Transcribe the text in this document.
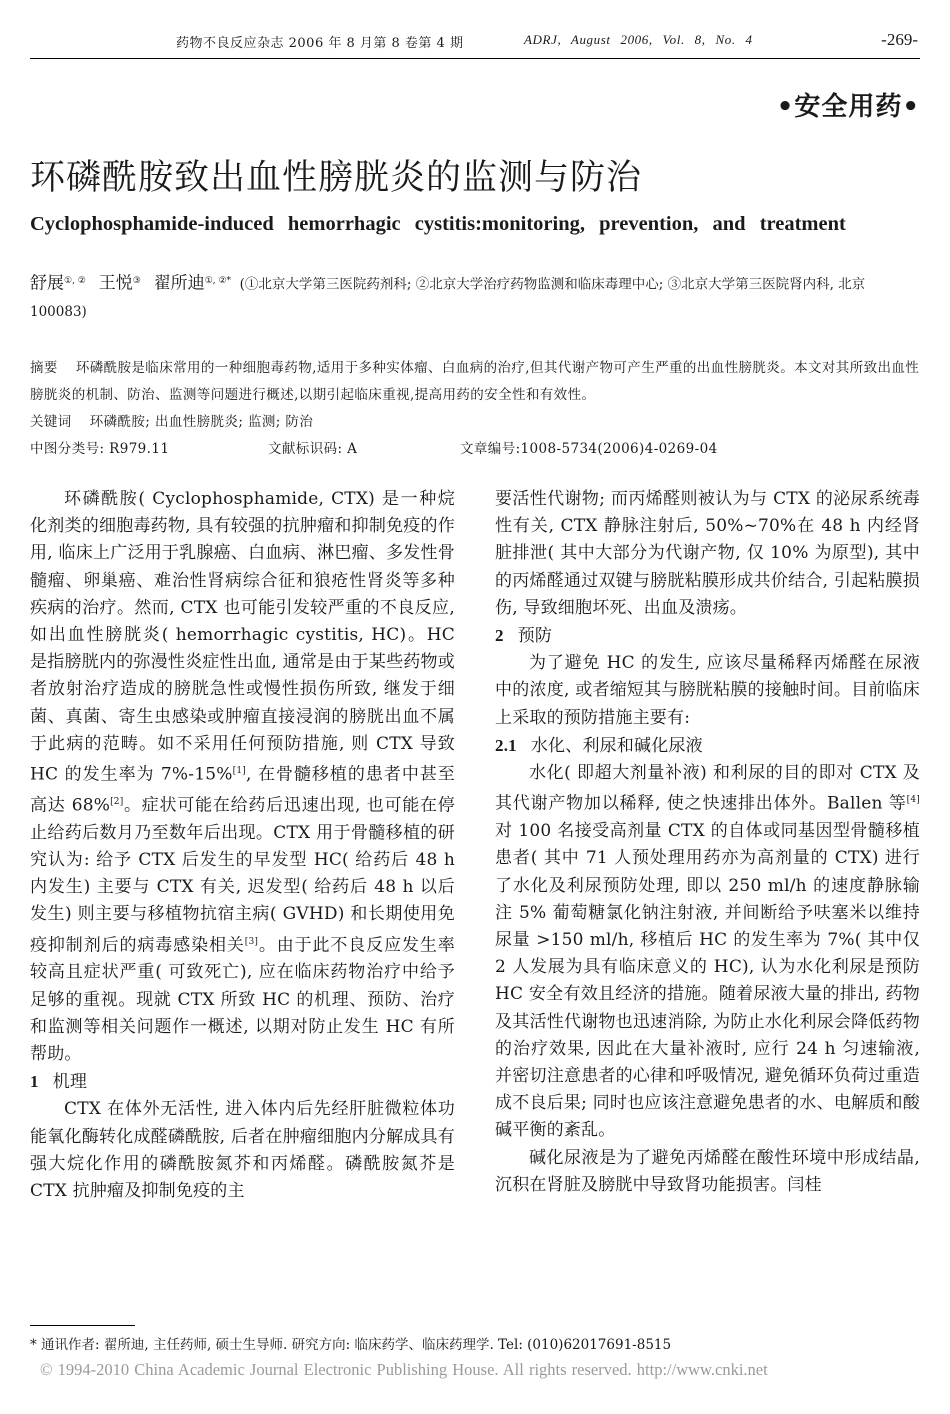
药物不良反应杂志 2006 年 8 月第 8 卷第 4 期	ADRJ, August 2006, Vol. 8, No. 4	-269-
•安全用药•
环磷酰胺致出血性膀胱炎的监测与防治
Cyclophosphamide-induced hemorrhagic cystitis:monitoring, prevention, and treatment
舒展①, ② 王悦③ 翟所迪①, ②* (①北京大学第三医院药剂科; ②北京大学治疗药物监测和临床毒理中心; ③北京大学第三医院肾内科, 北京 100083)
摘要 环磷酰胺是临床常用的一种细胞毒药物,适用于多种实体瘤、白血病的治疗,但其代谢产物可产生严重的出血性膀胱炎。本文对其所致出血性膀胱炎的机制、防治、监测等问题进行概述,以期引起临床重视,提高用药的安全性和有效性。
关键词 环磷酰胺; 出血性膀胱炎; 监测; 防治
中图分类号: R979.11	文献标识码: A	文章编号:1008-5734(2006)4-0269-04

环磷酰胺( Cyclophosphamide, CTX) 是一种烷化剂类的细胞毒药物, 具有较强的抗肿瘤和抑制免疫的作用, 临床上广泛用于乳腺癌、白血病、淋巴瘤、多发性骨髓瘤、卵巢癌、难治性肾病综合征和狼疮性肾炎等多种疾病的治疗。然而, CTX 也可能引发较严重的不良反应, 如出血性膀胱炎( hemorrhagic cystitis, HC)。HC 是指膀胱内的弥漫性炎症性出血, 通常是由于某些药物或者放射治疗造成的膀胱急性或慢性损伤所致, 继发于细菌、真菌、寄生虫感染或肿瘤直接浸润的膀胱出血不属于此病的范畴。如不采用任何预防措施, 则 CTX 导致 HC 的发生率为 7%-15%[1], 在骨髓移植的患者中甚至高达 68%[2]。症状可能在给药后迅速出现, 也可能在停止给药后数月乃至数年后出现。CTX 用于骨髓移植的研究认为: 给予 CTX 后发生的早发型 HC( 给药后 48 h 内发生) 主要与 CTX 有关, 迟发型( 给药后 48 h 以后发生) 则主要与移植物抗宿主病( GVHD) 和长期使用免疫抑制剂后的病毒感染相关[3]。由于此不良反应发生率较高且症状严重( 可致死亡), 应在临床药物治疗中给予足够的重视。现就 CTX 所致 HC 的机理、预防、治疗和监测等相关问题作一概述, 以期对防止发生 HC 有所帮助。

1 机理

CTX 在体外无活性, 进入体内后先经肝脏微粒体功能氧化酶转化成醛磷酰胺, 后者在肿瘤细胞内分解成具有强大烷化作用的磷酰胺氮芥和丙烯醛。磷酰胺氮芥是 CTX 抗肿瘤及抑制免疫的主

要活性代谢物; 而丙烯醛则被认为与 CTX 的泌尿系统毒性有关, CTX 静脉注射后, 50%~70%在 48 h 内经肾脏排泄( 其中大部分为代谢产物, 仅 10% 为原型), 其中的丙烯醛通过双键与膀胱粘膜形成共价结合, 引起粘膜损伤, 导致细胞坏死、出血及溃疡。

2 预防

为了避免 HC 的发生, 应该尽量稀释丙烯醛在尿液中的浓度, 或者缩短其与膀胱粘膜的接触时间。目前临床上采取的预防措施主要有:

2.1 水化、利尿和碱化尿液

水化( 即超大剂量补液) 和利尿的目的即对 CTX 及其代谢产物加以稀释, 使之快速排出体外。Ballen 等[4]对 100 名接受高剂量 CTX 的自体或同基因型骨髓移植患者( 其中 71 人预处理用药亦为高剂量的 CTX) 进行了水化及利尿预防处理, 即以 250 ml/h 的速度静脉输注 5% 葡萄糖氯化钠注射液, 并间断给予呋塞米以维持尿量 >150 ml/h, 移植后 HC 的发生率为 7%( 其中仅 2 人发展为具有临床意义的 HC), 认为水化利尿是预防 HC 安全有效且经济的措施。随着尿液大量的排出, 药物及其活性代谢物也迅速消除, 为防止水化利尿会降低药物的治疗效果, 因此在大量补液时, 应行 24 h 匀速输液, 并密切注意患者的心律和呼吸情况, 避免循环负荷过重造成不良后果; 同时也应该注意避免患者的水、电解质和酸碱平衡的紊乱。

碱化尿液是为了避免丙烯醛在酸性环境中形成结晶, 沉积在肾脏及膀胱中导致肾功能损害。闫桂

* 通讯作者: 翟所迪, 主任药师, 硕士生导师. 研究方向: 临床药学、临床药理学. Tel: (010)62017691-8515
© 1994-2010 China Academic Journal Electronic Publishing House. All rights reserved. http://www.cnki.net
